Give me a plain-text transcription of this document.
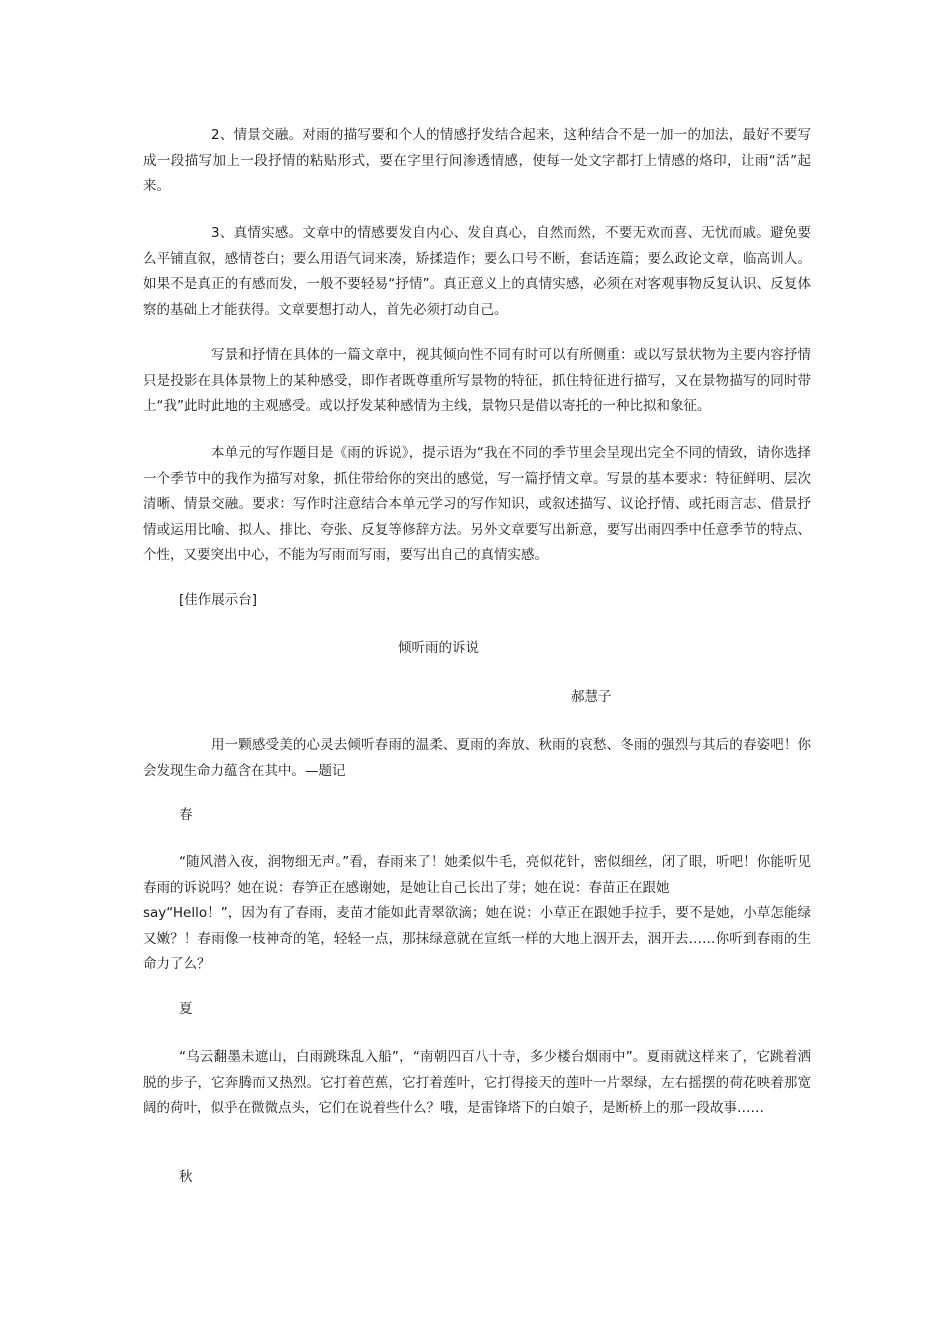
2、情景交融。对雨的描写要和个人的情感抒发结合起来，这种结合不是一加一的加法，最好不要写成一段描写加上一段抒情的粘贴形式，要在字里行间渗透情感，使每一处文字都打上情感的烙印，让雨“活”起来。

3、真情实感。文章中的情感要发自内心、发自真心，自然而然，不要无欢而喜、无忧而戚。避免要么平铺直叙，感情苍白；要么用语气词来凑，矫揉造作；要么口号不断，套话连篇；要么政论文章，临高训人。如果不是真正的有感而发，一般不要轻易“抒情”。真正意义上的真情实感，必须在对客观事物反复认识、反复体察的基础上才能获得。文章要想打动人，首先必须打动自己。

写景和抒情在具体的一篇文章中，视其倾向性不同有时可以有所侧重：或以写景状物为主要内容抒情只是投影在具体景物上的某种感受，即作者既尊重所写景物的特征，抓住特征进行描写，又在景物描写的同时带上“我”此时此地的主观感受。或以抒发某种感情为主线，景物只是借以寄托的一种比拟和象征。

本单元的写作题目是《雨的诉说》，提示语为“我在不同的季节里会呈现出完全不同的情致，请你选择一个季节中的我作为描写对象，抓住带给你的突出的感觉，写一篇抒情文章。写景的基本要求：特征鲜明、层次清晰、情景交融。要求：写作时注意结合本单元学习的写作知识，或叙述描写、议论抒情、或托雨言志、借景抒情或运用比喻、拟人、排比、夸张、反复等修辞方法。另外文章要写出新意，要写出雨四季中任意季节的特点、个性，又要突出中心，不能为写雨而写雨，要写出自己的真情实感。

[佳作展示台]

倾听雨的诉说

郝慧子

用一颗感受美的心灵去倾听春雨的温柔、夏雨的奔放、秋雨的哀愁、冬雨的强烈与其后的春姿吧！你会发现生命力蕴含在其中。—题记

春

“随风潜入夜，润物细无声。”看，春雨来了！她柔似牛毛，亮似花针，密似细丝，闭了眼，听吧！你能听见春雨的诉说吗？她在说：春笋正在感谢她，是她让自己长出了芽；她在说：春苗正在跟她

say“Hello！”，因为有了春雨，麦苗才能如此青翠欲滴；她在说：小草正在跟她手拉手，要不是她，小草怎能绿又嫩？！春雨像一枝神奇的笔，轻轻一点，那抹绿意就在宣纸一样的大地上洇开去，洇开去……你听到春雨的生命力了么？

夏

“乌云翻墨未遮山，白雨跳珠乱入船”，“南朝四百八十寺，多少楼台烟雨中”。夏雨就这样来了，它跳着洒脱的步子，它奔腾而又热烈。它打着芭蕉，它打着莲叶，它打得接天的莲叶一片翠绿，左右摇摆的荷花映着那宽阔的荷叶，似乎在微微点头，它们在说着些什么？哦，是雷锋塔下的白娘子，是断桥上的那一段故事……

秋
